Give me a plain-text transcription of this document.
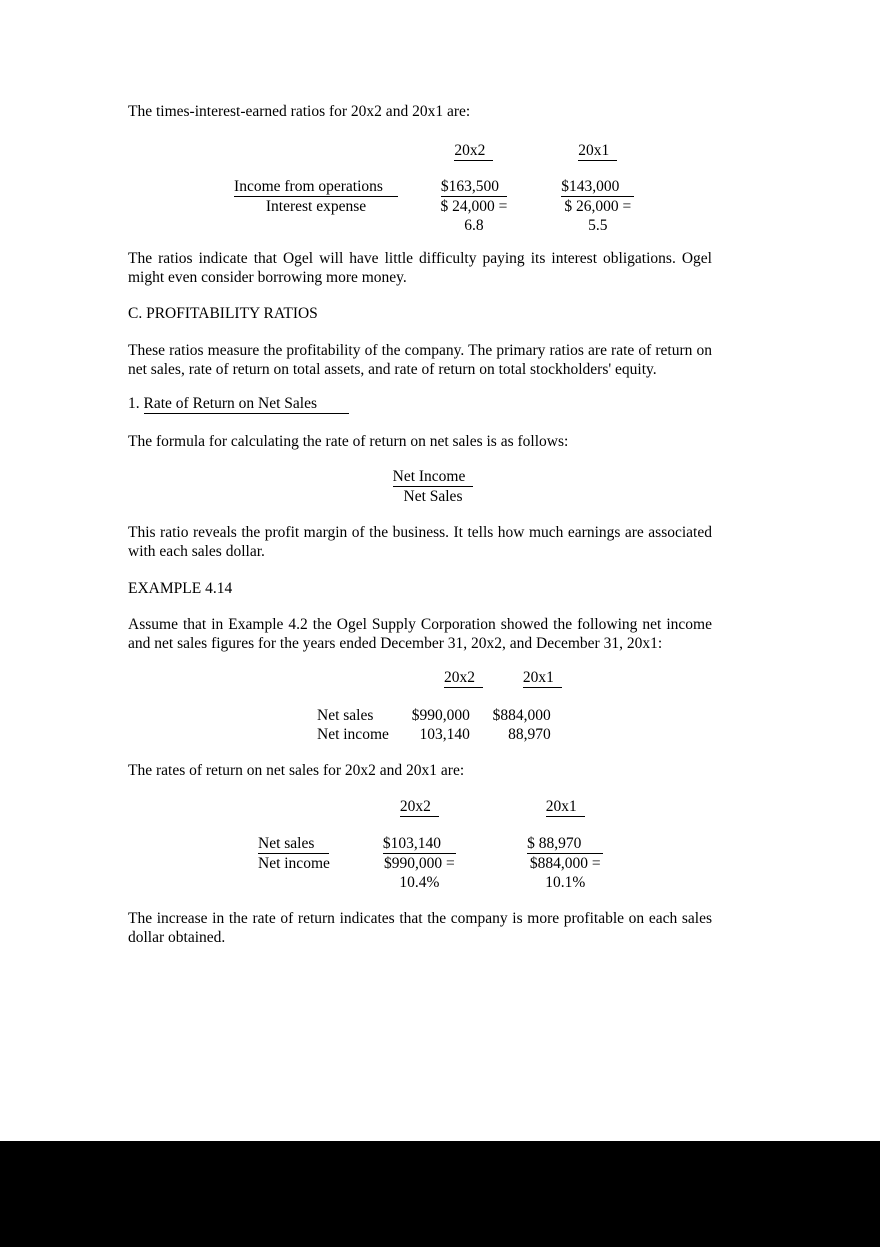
The times-interest-earned ratios for 20x2 and 20x1 are:
20x2	20x1
Income from operations	$163,500	$143,000
Interest expense	$ 24,000 =	$ 26,000 =
6.8	5.5
The ratios indicate that Ogel will have little difficulty paying its interest obligations. Ogel might even consider borrowing more money.
C. PROFITABILITY RATIOS
These ratios measure the profitability of the company. The primary ratios are rate of return on net sales, rate of return on total assets, and rate of return on total stockholders' equity.
1. Rate of Return on Net Sales
The formula for calculating the rate of return on net sales is as follows:
Net Income
Net Sales
This ratio reveals the profit margin of the business. It tells how much earnings are associated with each sales dollar.
EXAMPLE 4.14
Assume that in Example 4.2 the Ogel Supply Corporation showed the following net income and net sales figures for the years ended December 31, 20x2, and December 31, 20x1:
20x2	20x1
Net sales $990,000 $884,000
Net income 103,140 88,970
The rates of return on net sales for 20x2 and 20x1 are:
20x2	20x1
Net sales	$103,140	$ 88,970
Net income	$990,000 =	$884,000 =
10.4%	10.1%
The increase in the rate of return indicates that the company is more profitable on each sales dollar obtained.
